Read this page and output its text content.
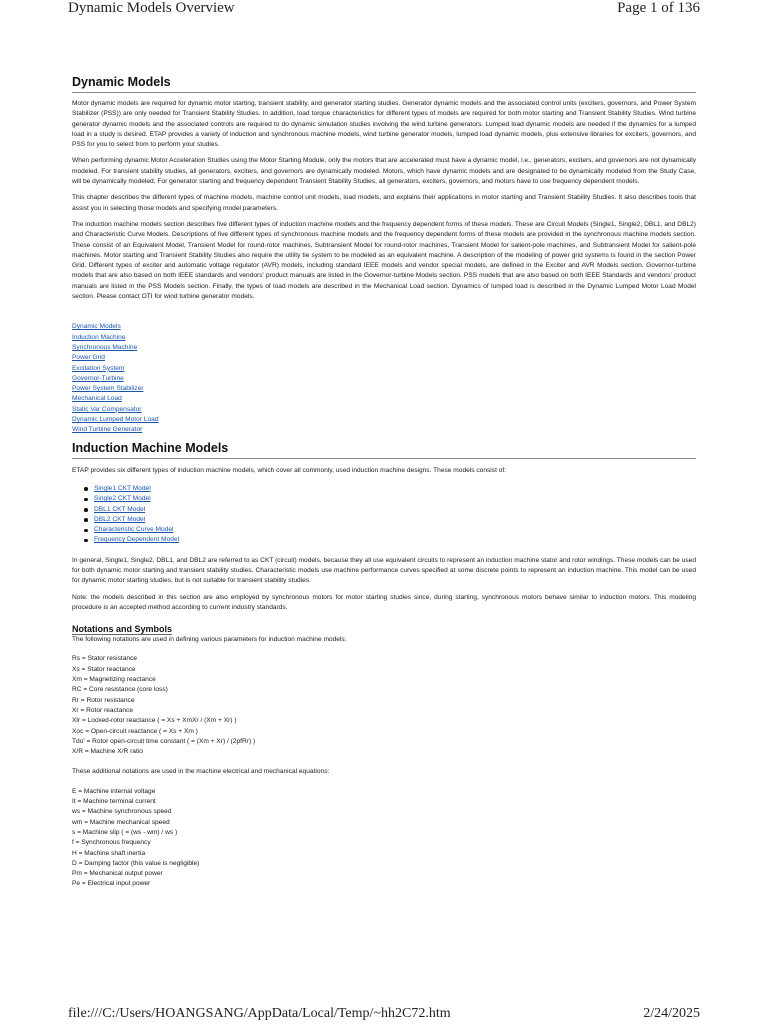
Dynamic Models Overview	Page 1 of 136
Dynamic Models

Motor dynamic models are required for dynamic motor starting, transient stability, and generator starting studies. Generator dynamic models and the associated control units (exciters, governors, and Power System Stabilizer (PSS)) are only needed for Transient Stability Studies. In addition, load torque characteristics for different types of models are required for both motor starting and Transient Stability Studies. Wind turbine generator dynamic models and the associated controls are required to do dynamic simulation studies involving the wind turbine generators. Lumped load dynamic models are needed if the dynamics for a lumped load in a study is desired. ETAP provides a variety of induction and synchronous machine models, wind turbine generator models, lumped load dynamic models, plus extensive libraries for exciters, governors, and PSS for you to select from to perform your studies.

When performing dynamic Motor Acceleration Studies using the Motor Starting Module, only the motors that are accelerated must have a dynamic model, i.e., generators, exciters, and governors are not dynamically modeled. For transient stability studies, all generators, exciters, and governors are dynamically modeled. Motors, which have dynamic models and are designated to be dynamically modeled from the Study Case, will be dynamically modeled. For generator starting and frequency dependent Transient Stability Studies, all generators, exciters, governors, and motors have to use frequency dependent models.

This chapter describes the different types of machine models, machine control unit models, load models, and explains their applications in motor starting and Transient Stability Studies. It also describes tools that assist you in selecting those models and specifying model parameters.

The induction machine models section describes five different types of induction machine models and the frequency dependent forms of these models. These are Circuit Models (Single1, Single2, DBL1, and DBL2) and Characteristic Curve Models. Descriptions of five different types of synchronous machine models and the frequency dependent forms of these models are provided in the synchronous machine models section. These consist of an Equivalent Model, Transient Model for round-rotor machines, Subtransient Model for round-rotor machines, Transient Model for salient-pole machines, and Subtransient Model for salient-pole machines. Motor starting and Transient Stability Studies also require the utility tie system to be modeled as an equivalent machine. A description of the modeling of power grid systems is found in the section Power Grid. Different types of exciter and automatic voltage regulator (AVR) models, including standard IEEE models and vendor special models, are defined in the Exciter and AVR Models section. Governor-turbine models that are also based on both IEEE standards and vendors' product manuals are listed in the Governor-turbine Models section. PSS models that are also based on both IEEE Standards and vendors' product manuals are listed in the PSS Models section. Finally, the types of load models are described in the Mechanical Load section. Dynamics of lumped load is described in the Dynamic Lumped Motor Load Model section. Please contact OTI for wind turbine generator models.

Dynamic Models
Induction Machine
Synchronous Machine
Power Grid
Excitation System
Governor-Turbine
Power System Stabilizer
Mechanical Load
Static Var Compensator
Dynamic Lumped Motor Load
Wind Turbine Generator
Induction Machine Models

ETAP provides six different types of induction machine models, which cover all commonly, used induction machine designs. These models consist of:

Single1 CKT Model
Single2 CKT Model
DBL1 CKT Model
DBL2 CKT Model
Characteristic Curve Model
Frequency Dependent Model

In general, Single1, Single2, DBL1, and DBL2 are referred to as CKT (circuit) models, because they all use equivalent circuits to represent an induction machine stator and rotor windings. These models can be used for both dynamic motor starting and transient stability studies. Characteristic models use machine performance curves specified at some discrete points to represent an induction machine. This model can be used for dynamic motor starting studies, but is not suitable for transient stability studies.

Note: the models described in this section are also employed by synchronous motors for motor starting studies since, during starting, synchronous motors behave similar to induction motors. This modeling procedure is an accepted method according to current industry standards.

Notations and Symbols

The following notations are used in defining various parameters for induction machine models:

Rs = Stator resistance
Xs = Stator reactance
Xm = Magnetizing reactance
RC = Core resistance (core loss)
Rr = Rotor resistance
Xr = Rotor reactance
Xlr = Locked-rotor reactance ( = Xs + XmXr / (Xm + Xr) )
Xoc = Open-circuit reactance ( = Xs + Xm )
Tdo' = Rotor open-circuit time constant ( = (Xm + Xr) / (2pfRr) )
X/R = Machine X/R ratio

These additional notations are used in the machine electrical and mechanical equations:

E = Machine internal voltage
It = Machine terminal current
ws = Machine synchronous speed
wm = Machine mechanical speed
s = Machine slip ( = (ws - wm) / ws )
f = Synchronous frequency
H = Machine shaft inertia
D = Damping factor (this value is negligible)
Pm = Mechanical output power
Pe = Electrical input power
file:///C:/Users/HOANGSANG/AppData/Local/Temp/~hh2C72.htm	2/24/2025
